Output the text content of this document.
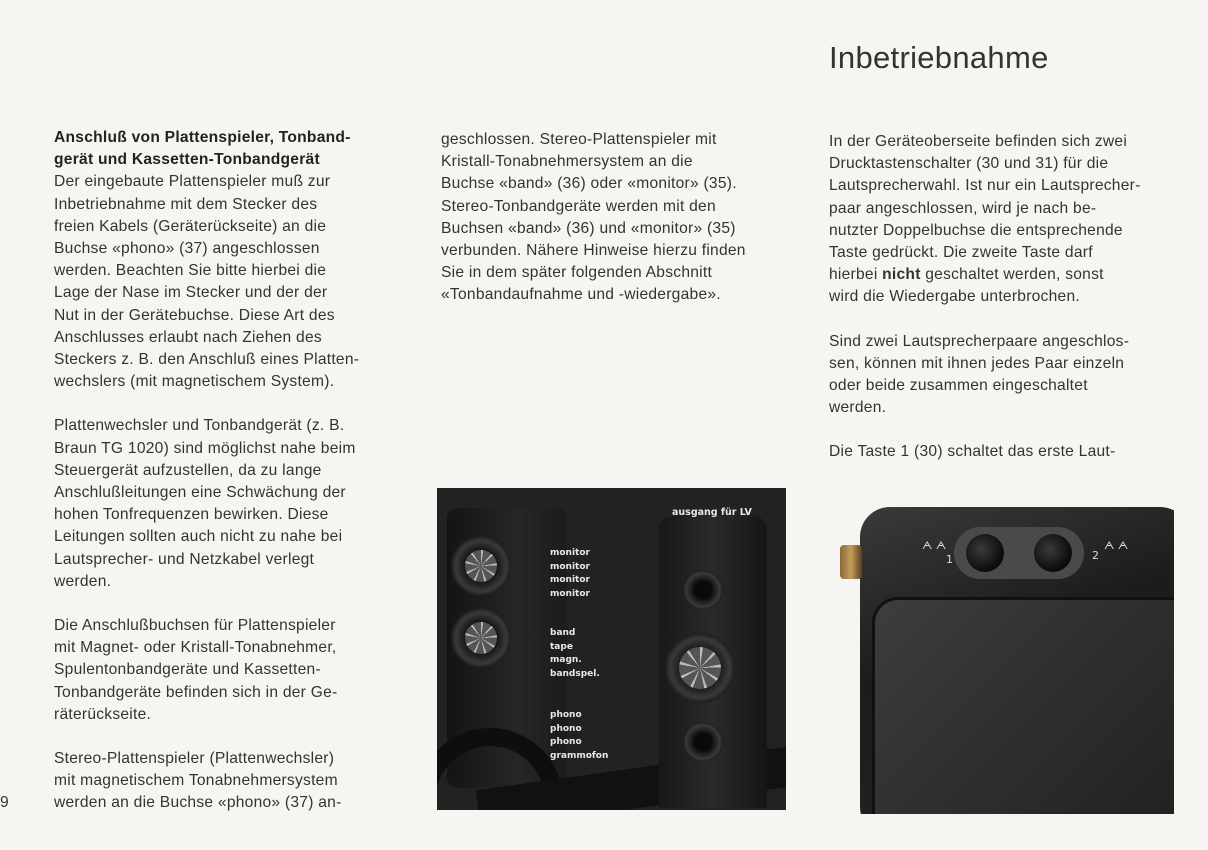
Inbetriebnahme
Anschluß von Plattenspieler, Tonband-
gerät und Kassetten-Tonbandgerät

Der eingebaute Plattenspieler muß zur
Inbetriebnahme mit dem Stecker des
freien Kabels (Geräterückseite) an die
Buchse «phono» (37) angeschlossen
werden. Beachten Sie bitte hierbei die
Lage der Nase im Stecker und der der
Nut in der Gerätebuchse. Diese Art des
Anschlusses erlaubt nach Ziehen des
Steckers z. B. den Anschluß eines Platten-
wechslers (mit magnetischem System).

Plattenwechsler und Tonbandgerät (z. B.
Braun TG 1020) sind möglichst nahe beim
Steuergerät aufzustellen, da zu lange
Anschlußleitungen eine Schwächung der
hohen Tonfrequenzen bewirken. Diese
Leitungen sollten auch nicht zu nahe bei
Lautsprecher- und Netzkabel verlegt
werden.

Die Anschlußbuchsen für Plattenspieler
mit Magnet- oder Kristall-Tonabnehmer,
Spulentonbandgeräte und Kassetten-
Tonbandgeräte befinden sich in der Ge-
räterückseite.

Stereo-Plattenspieler (Plattenwechsler)
mit magnetischem Tonabnehmersystem
werden an die Buchse «phono» (37) an-

geschlossen. Stereo-Plattenspieler mit
Kristall-Tonabnehmersystem an die
Buchse «band» (36) oder «monitor» (35).
Stereo-Tonbandgeräte werden mit den
Buchsen «band» (36) und «monitor» (35)
verbunden. Nähere Hinweise hierzu finden
Sie in dem später folgenden Abschnitt
«Tonbandaufnahme und -wiedergabe».

In der Geräteoberseite befinden sich zwei
Drucktastenschalter (30 und 31) für die
Lautsprecherwahl. Ist nur ein Lautsprecher-
paar angeschlossen, wird je nach be-
nutzter Doppelbuchse die entsprechende
Taste gedrückt. Die zweite Taste darf
hierbei nicht geschaltet werden, sonst
wird die Wiedergabe unterbrochen.

Sind zwei Lautsprecherpaare angeschlos-
sen, können mit ihnen jedes Paar einzeln
oder beide zusammen eingeschaltet
werden.

Die Taste 1 (30) schaltet das erste Laut-

9
ausgang für LV
monitor
monitor
monitor
monitor
band
tape
magn.
bandspel.
phono
phono
phono
grammofon
ᗅ ᗅ
1	2
ᗅ ᗅ
